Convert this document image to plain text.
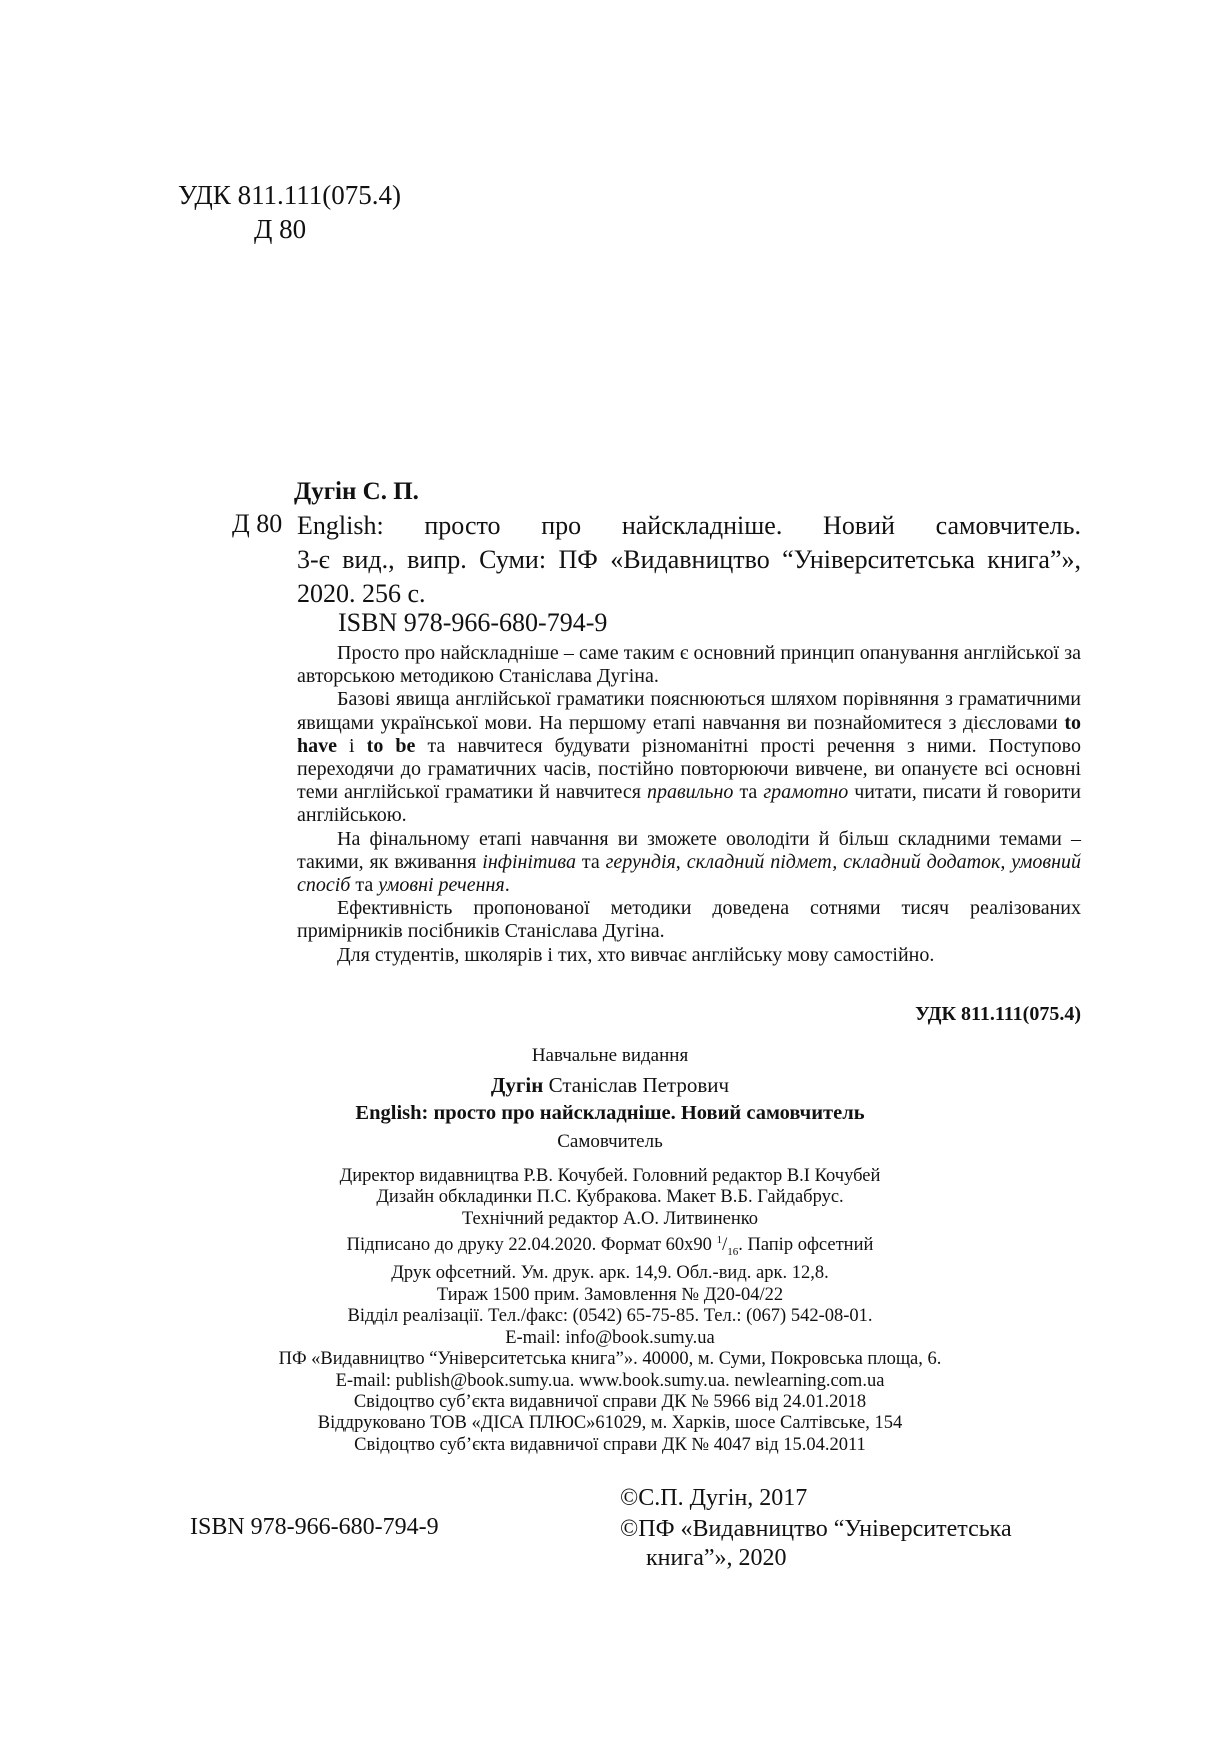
УДК 811.111(075.4)
Д 80
Дугін С. П.
Д 80 English: просто про найскладніше. Новий самовчитель.

3-є вид., випр. Суми: ПФ «Видавництво “Університетська книга”»,

2020. 256 с.

ISBN 978-966-680-794-9

Просто про найскладніше – саме таким є основний принцип опанування англійської за авторською методикою Станіслава Дугіна.

Базові явища англійської граматики пояснюються шляхом порівняння з граматичними явищами української мови. На першому етапі навчання ви познайомитеся з дієсловами to have і to be та навчитеся будувати різноманітні прості речення з ними. Поступово переходячи до граматичних часів, постійно повторюючи вивчене, ви опануєте всі основні теми англійської граматики й навчитеся правильно та грамотно читати, писати й говорити англійською.

На фінальному етапі навчання ви зможете оволодіти й більш складними темами – такими, як вживання інфінітива та герундія, складний підмет, складний додаток, умовний спосіб та умовні речення.

Ефективність пропонованої методики доведена сотнями тисяч реалізованих примірників посібників Станіслава Дугіна.

Для студентів, школярів і тих, хто вивчає англійську мову самостійно.

УДК 811.111(075.4)
Навчальне видання
Дугін Станіслав Петрович
English: просто про найскладніше. Новий самовчитель
Самовчитель
Директор видавництва Р.В. Кочубей. Головний редактор В.І Кочубей
Дизайн обкладинки П.С. Кубракова. Макет В.Б. Гайдабрус.
Технічний редактор А.О. Литвиненко
Підписано до друку 22.04.2020. Формат 60х90 $^1/_{16}$. Папір офсетний
Друк офсетний. Ум. друк. арк. 14,9. Обл.-вид. арк. 12,8.
Тираж 1500 прим. Замовлення № Д20-04/22
Відділ реалізації. Тел./факс: (0542) 65-75-85. Тел.: (067) 542-08-01.
E-mail: info@book.sumy.ua
ПФ «Видавництво “Університетська книга”». 40000, м. Суми, Покровська площа, 6.
E-mail: publish@book.sumy.ua. www.book.sumy.ua. newlearning.com.ua
Свідоцтво суб’єкта видавничої справи ДК № 5966 від 24.01.2018
Віддруковано ТОВ «ДІСА ПЛЮС»61029, м. Харків, шосе Салтівське, 154
Свідоцтво суб’єкта видавничої справи ДК № 4047 від 15.04.2011
ISBN 978-966-680-794-9
©С.П. Дугін, 2017
©ПФ «Видавництво “Університетська
книга”», 2020
